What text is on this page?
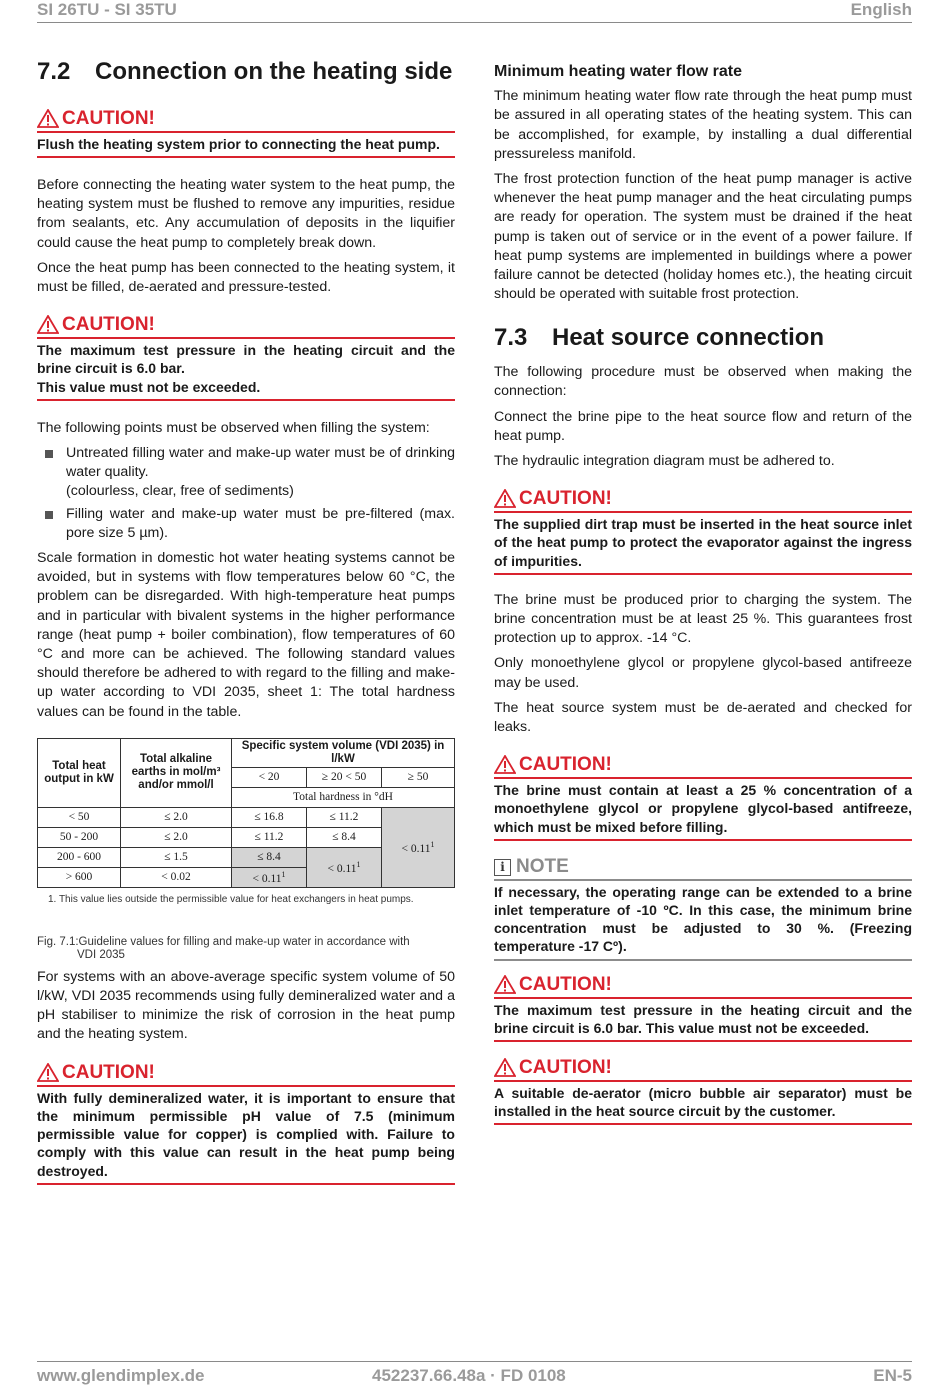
SI 26TU - SI 35TU	English
7.2 Connection on the heating side
CAUTION!
Flush the heating system prior to connecting the heat pump.

Before connecting the heating water system to the heat pump, the heating system must be flushed to remove any impurities, residue from sealants, etc. Any accumulation of deposits in the liquifier could cause the heat pump to completely break down.

Once the heat pump has been connected to the heating system, it must be filled, de-aerated and pressure-tested.

CAUTION!
The maximum test pressure in the heating circuit and the brine circuit is 6.0 bar.
This value must not be exceeded.

The following points must be observed when filling the system:

Untreated filling water and make-up water must be of drinking water quality.

(colourless, clear, free of sediments)
Filling water and make-up water must be pre-filtered (max. pore size 5 µm).

Scale formation in domestic hot water heating systems cannot be avoided, but in systems with flow temperatures below 60 °C, the problem can be disregarded. With high-temperature heat pumps and in particular with bivalent systems in the higher performance range (heat pump + boiler combination), flow temperatures of 60 °C and more can be achieved. The following standard values should therefore be adhered to with regard to the filling and make-up water according to VDI 2035, sheet 1: The total hardness values can be found in the table.

Total heat output in kW	Total alkaline earths in mol/m³ and/or mmol/l	Specific system volume (VDI 2035) in l/kW		
		< 20	≥ 20 < 50	≥ 50
		Total hardness in °dH		
< 50	≤ 2.0	≤ 16.8	≤ 11.2	< $0.11^1$
50 - 200	≤ 2.0	≤ 11.2	≤ 8.4	
200 - 600	≤ 1.5	≤ 8.4	< $0.11^1$
> 600	< 0.02	< $0.11^1$
1. This value lies outside the permissible value for heat exchangers in heat pumps.
Fig. 7.1:Guideline values for filling and make-up water in accordance with
VDI 2035

For systems with an above-average specific system volume of 50 l/kW, VDI 2035 recommends using fully demineralized water and a pH stabiliser to minimize the risk of corrosion in the heat pump and the heating system.

CAUTION!
With fully demineralized water, it is important to ensure that the minimum permissible pH value of 7.5 (minimum permissible value for copper) is complied with. Failure to comply with this value can result in the heat pump being destroyed.
Minimum heating water flow rate

The minimum heating water flow rate through the heat pump must be assured in all operating states of the heating system. This can be accomplished, for example, by installing a dual differential pressureless manifold.

The frost protection function of the heat pump manager is active whenever the heat pump manager and the heat circulating pumps are ready for operation. The system must be drained if the heat pump is taken out of service or in the event of a power failure. If heat pump systems are implemented in buildings where a power failure cannot be detected (holiday homes etc.), the heating circuit should be operated with suitable frost protection.

7.3 Heat source connection

The following procedure must be observed when making the connection:

Connect the brine pipe to the heat source flow and return of the heat pump.

The hydraulic integration diagram must be adhered to.

CAUTION!
The supplied dirt trap must be inserted in the heat source inlet of the heat pump to protect the evaporator against the ingress of impurities.

The brine must be produced prior to charging the system. The brine concentration must be at least 25 %. This guarantees frost protection up to approx. -14 °C.

Only monoethylene glycol or propylene glycol-based antifreeze may be used.

The heat source system must be de-aerated and checked for leaks.

CAUTION!
The brine must contain at least a 25 % concentration of a monoethylene glycol or propylene glycol-based antifreeze, which must be mixed before filling.
i NOTE
If necessary, the operating range can be extended to a brine inlet temperature of -10 ºC. In this case, the minimum brine concentration must be adjusted to 30 %. (Freezing temperature -17 Cº).
CAUTION!
The maximum test pressure in the heating circuit and the brine circuit is 6.0 bar. This value must not be exceeded.
CAUTION!
A suitable de-aerator (micro bubble air separator) must be installed in the heat source circuit by the customer.
www.glendimplex.de	452237.66.48a · FD 0108	EN-5
